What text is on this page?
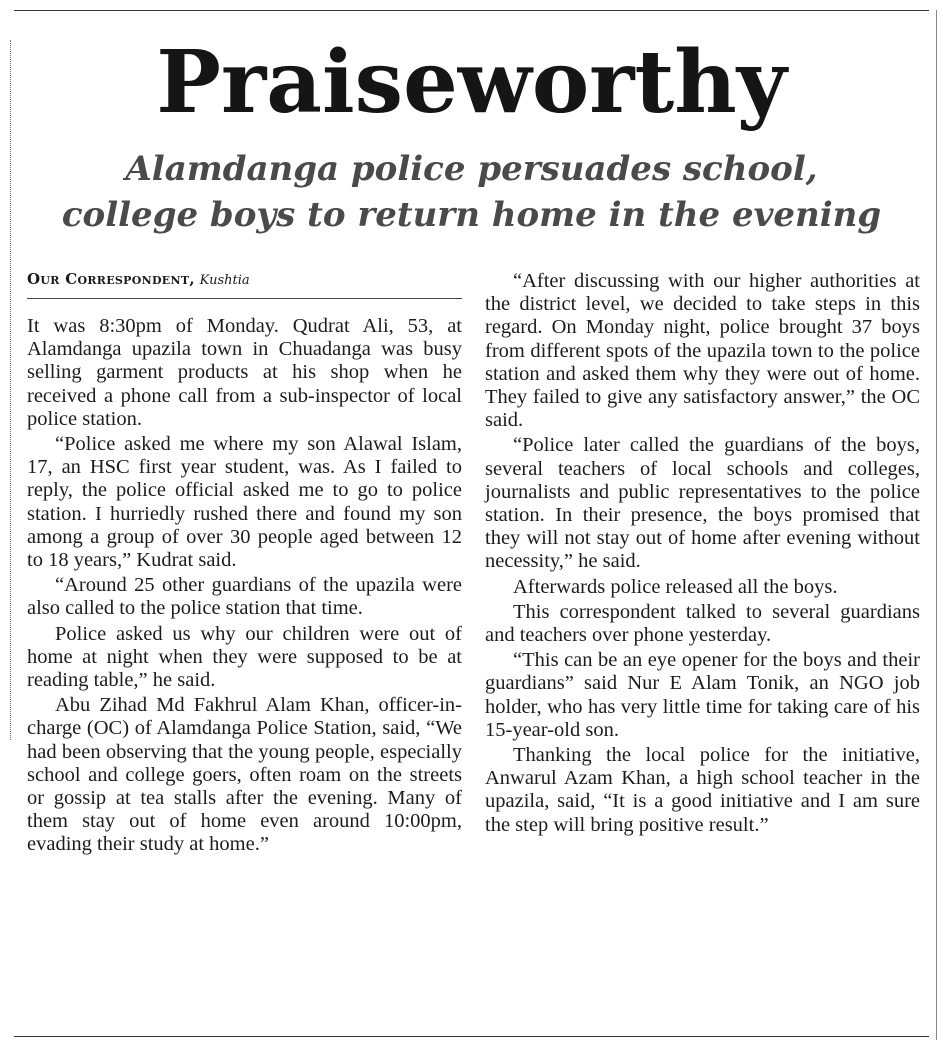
Praiseworthy
Alamdanga police persuades school,
college boys to return home in the evening
Our Correspondent, Kushtia

It was 8:30pm of Monday. Qudrat Ali, 53, at Alamdanga upazila town in Chuadanga was busy selling garment products at his shop when he received a phone call from a sub-inspector of local police station.

“Police asked me where my son Alawal Islam, 17, an HSC first year student, was. As I failed to reply, the police official asked me to go to police station. I hurriedly rushed there and found my son among a group of over 30 people aged between 12 to 18 years,” Kudrat said.

“Around 25 other guardians of the upazila were also called to the police station that time.

Police asked us why our children were out of home at night when they were supposed to be at reading table,” he said.

Abu Zihad Md Fakhrul Alam Khan, officer-in-charge (OC) of Alamdanga Police Station, said, “We had been observing that the young people, especially school and college goers, often roam on the streets or gossip at tea stalls after the evening. Many of them stay out of home even around 10:00pm, evading their study at home.”

“After discussing with our higher authorities at the district level, we decided to take steps in this regard. On Monday night, police brought 37 boys from different spots of the upazila town to the police station and asked them why they were out of home. They failed to give any satisfactory answer,” the OC said.

“Police later called the guardians of the boys, several teachers of local schools and colleges, journalists and public representatives to the police station. In their presence, the boys promised that they will not stay out of home after evening without necessity,” he said.

Afterwards police released all the boys.

This correspondent talked to several guardians and teachers over phone yesterday.

“This can be an eye opener for the boys and their guardians” said Nur E Alam Tonik, an NGO job holder, who has very little time for taking care of his 15-year-old son.

Thanking the local police for the initiative, Anwarul Azam Khan, a high school teacher in the upazila, said, “It is a good initiative and I am sure the step will bring positive result.”
